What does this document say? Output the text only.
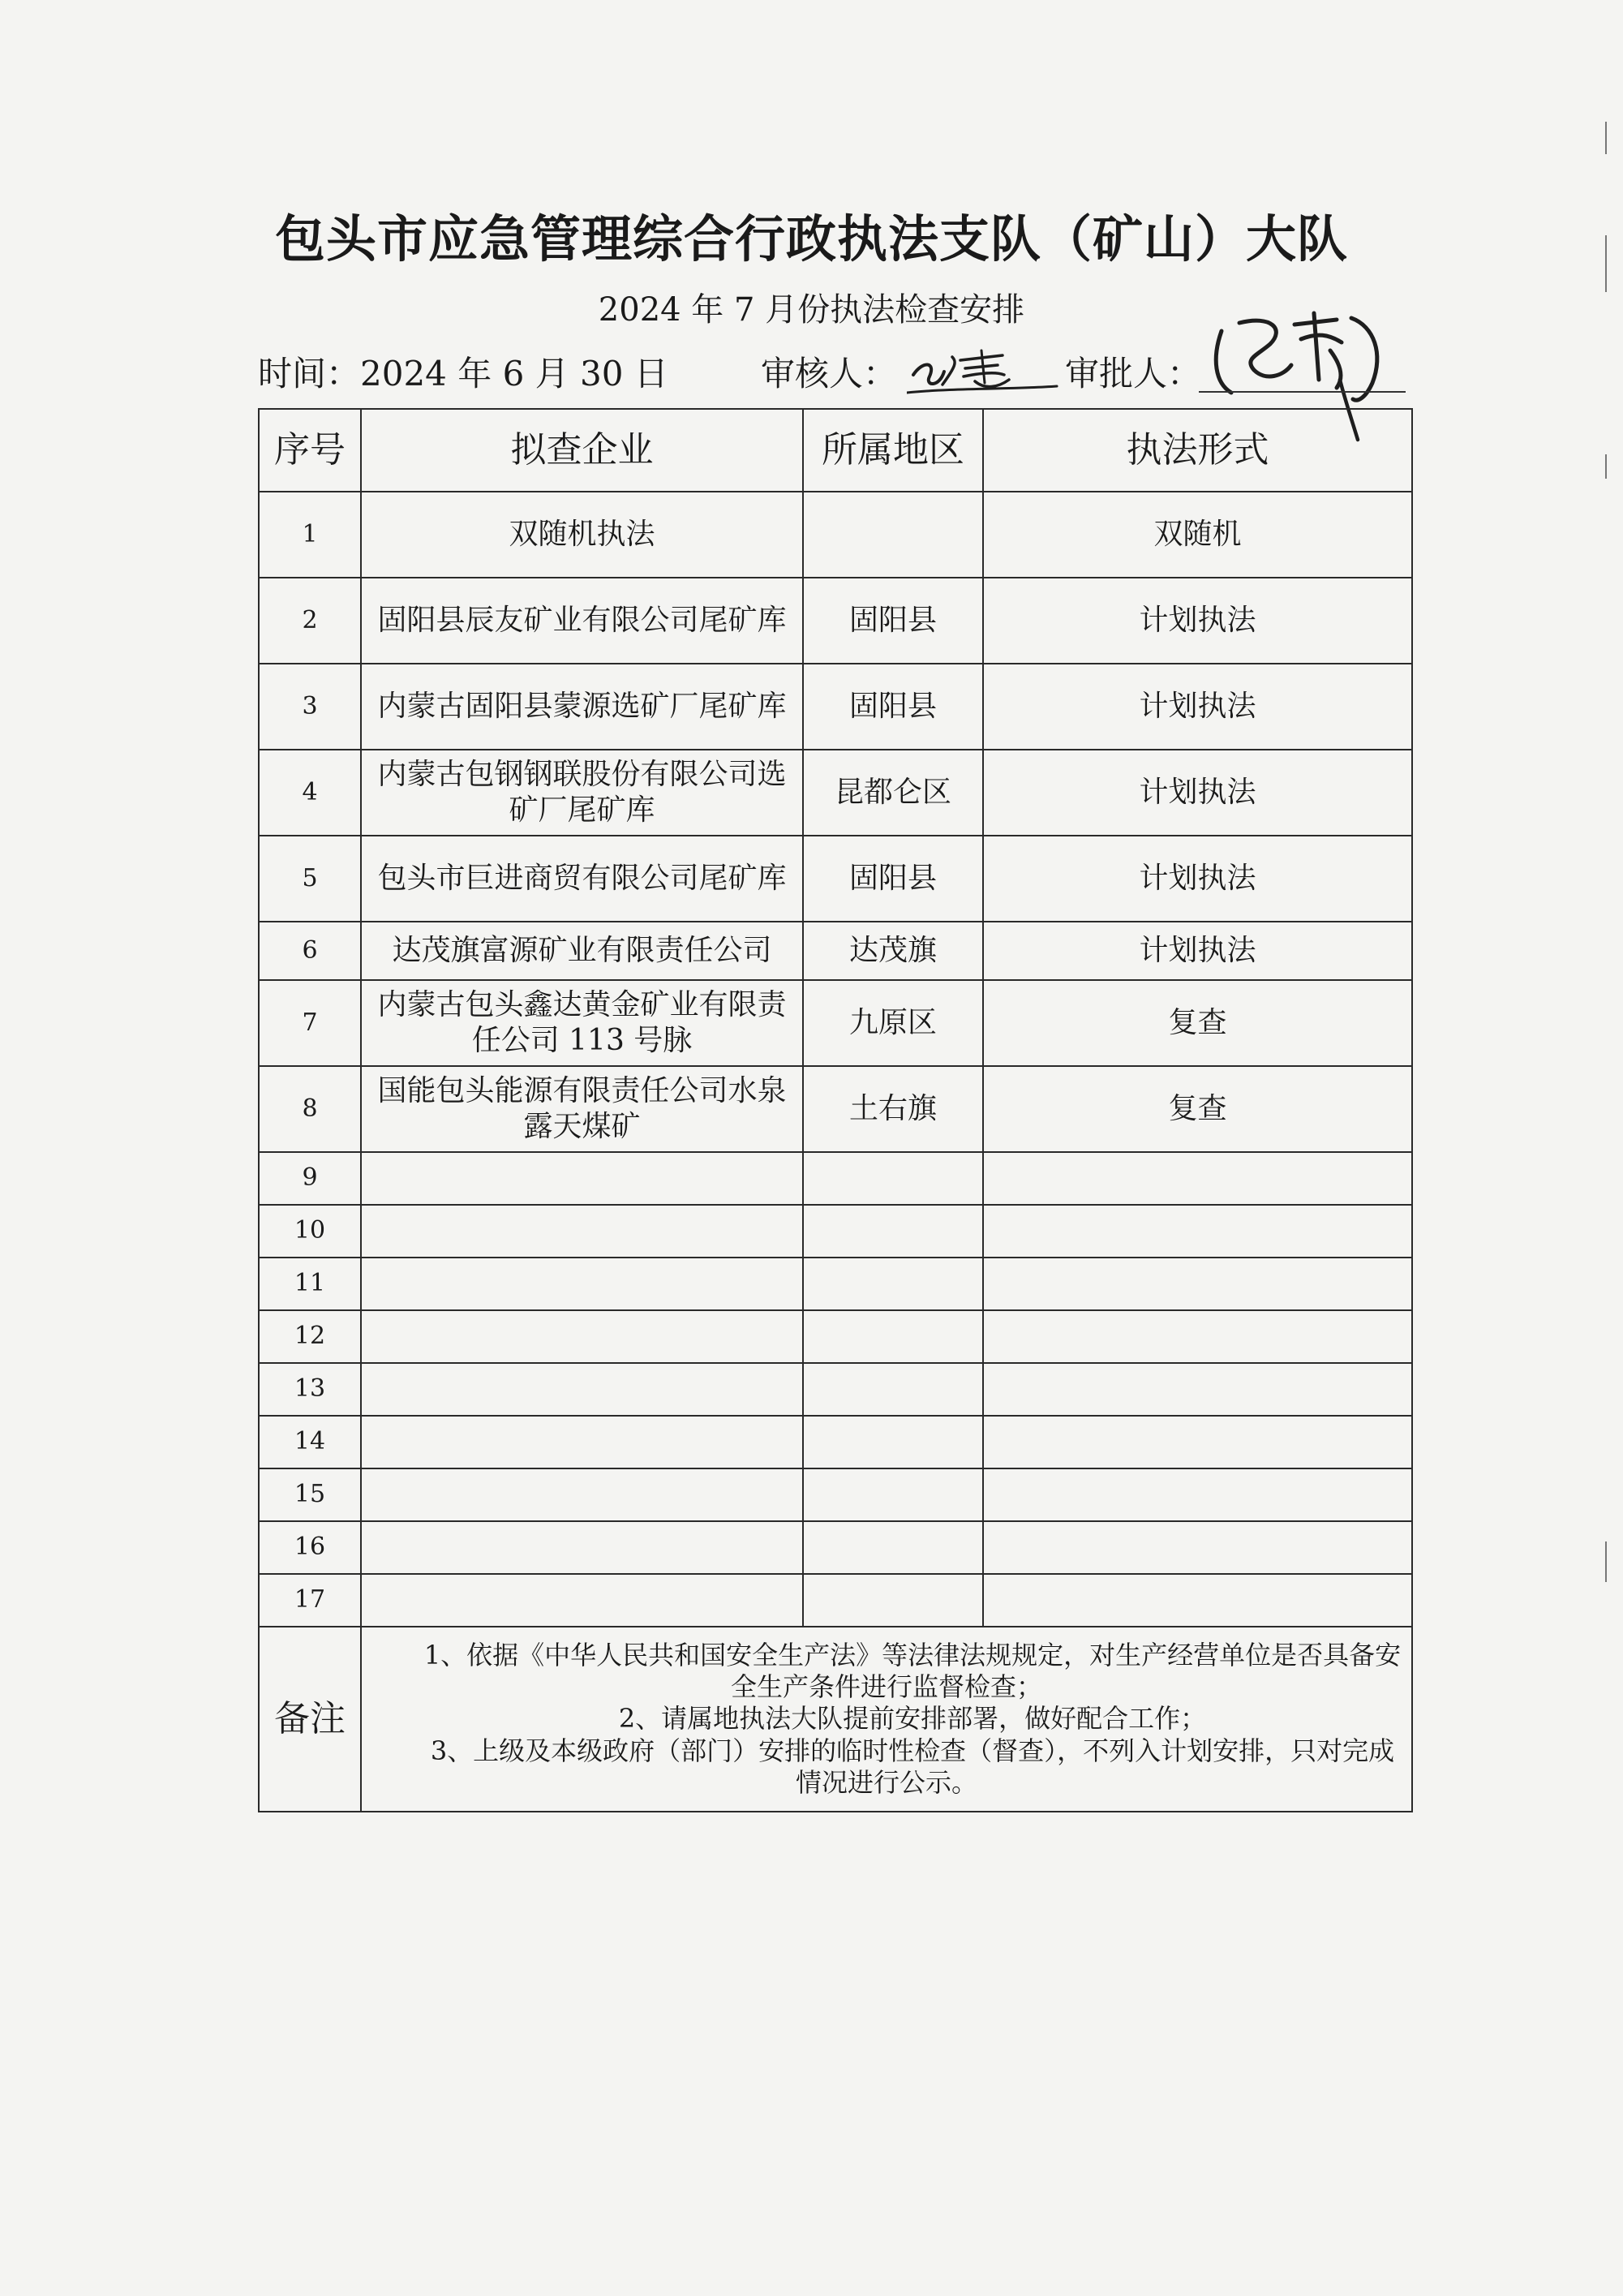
包头市应急管理综合行政执法支队（矿山）大队

2024 年 7 月份执法检查安排

时间：2024 年 6 月 30 日	审核人：	审批人：
序号	拟查企业	所属地区	执法形式
1	双随机执法		双随机
2	固阳县辰友矿业有限公司尾矿库	固阳县	计划执法
3	内蒙古固阳县蒙源选矿厂尾矿库	固阳县	计划执法
4	内蒙古包钢钢联股份有限公司选矿厂尾矿库	昆都仑区	计划执法
5	包头市巨进商贸有限公司尾矿库	固阳县	计划执法
6	达茂旗富源矿业有限责任公司	达茂旗	计划执法
7	内蒙古包头鑫达黄金矿业有限责任公司 113 号脉	九原区	复查
8	国能包头能源有限责任公司水泉露天煤矿	土右旗	复查
9			
10			
11			
12			
13			
14			
15			
16			
17			
备注	1、依据《中华人民共和国安全生产法》等法律法规规定，对生产经营单位是否具备安全生产条件进行监督检查；

2、请属地执法大队提前安排部署，做好配合工作；

3、上级及本级政府（部门）安排的临时性检查（督查），不列入计划安排，只对完成情况进行公示。		
